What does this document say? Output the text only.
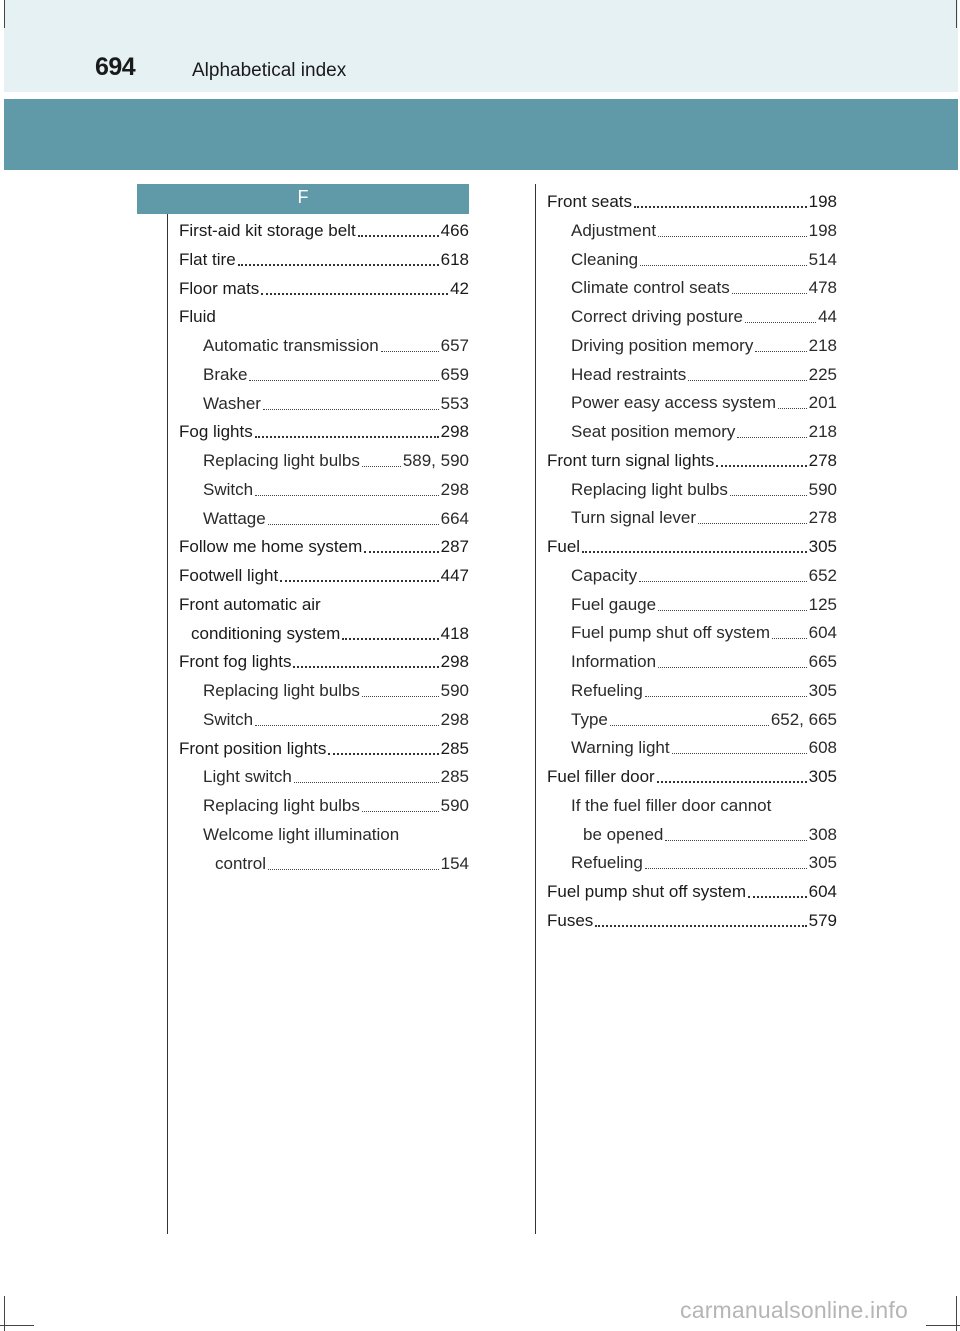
694	Alphabetical index
F
First-aid kit storage belt	466
Flat tire	618
Floor mats	42
Fluid
Automatic transmission	657
Brake	659
Washer	553
Fog lights	298
Replacing light bulbs	589, 590
Switch	298
Wattage	664
Follow me home system	287
Footwell light	447
Front automatic air
conditioning system	418
Front fog lights	298
Replacing light bulbs	590
Switch	298
Front position lights	285
Light switch	285
Replacing light bulbs	590
Welcome light illumination
control	154
Front seats	198
Adjustment	198
Cleaning	514
Climate control seats	478
Correct driving posture	44
Driving position memory	218
Head restraints	225
Power easy access system 201
Seat position memory	218
Front turn signal lights	278
Replacing light bulbs	590
Turn signal lever	278
Fuel	305
Capacity	652
Fuel gauge	125
Fuel pump shut off system 604
Information	665
Refueling	305
Type	652, 665
Warning light	608
Fuel filler door	305
If the fuel filler door cannot
be opened	308
Refueling	305
Fuel pump shut off system	604
Fuses	579
carmanualsonline.info
